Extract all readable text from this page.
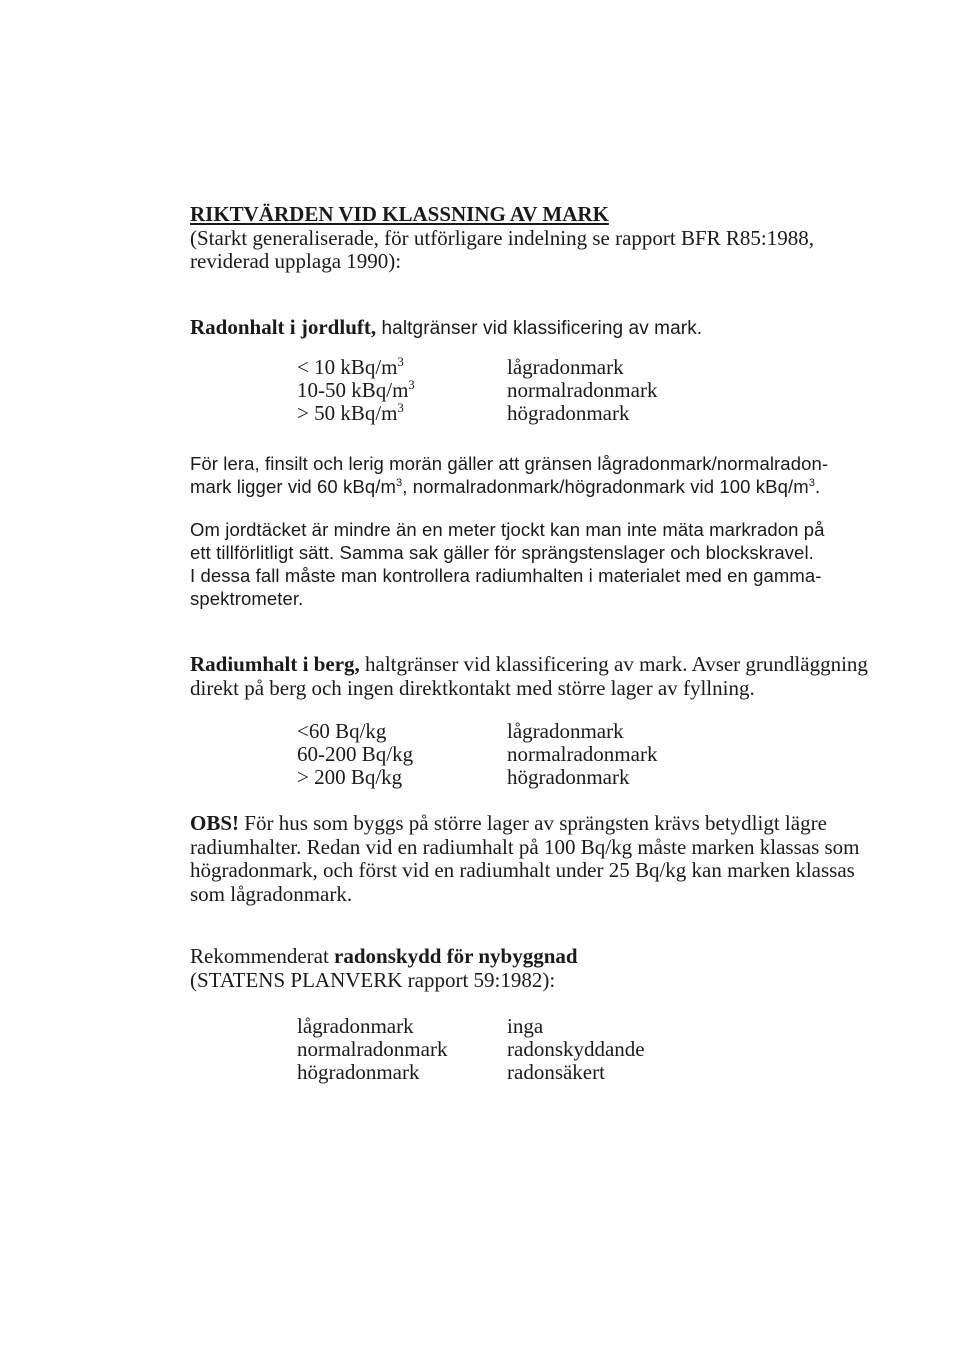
RIKTVÄRDEN VID KLASSNING AV MARK
(Starkt generaliserade, för utförligare indelning se rapport BFR R85:1988,
reviderad upplaga 1990):
Radonhalt i jordluft, haltgränser vid klassificering av mark.
< 10 kBq/$m^3$	lågradonmark
10-50 kBq/$m^3$	normalradonmark
> 50 kBq/$m^3$	högradonmark
För lera, finsilt och lerig morän gäller att gränsen lågradonmark/normalradon-
mark ligger vid 60 kBq/$m^3$, normalradonmark/högradonmark vid 100 kBq/$m^3$.
Om jordtäcket är mindre än en meter tjockt kan man inte mäta markradon på
ett tillförlitligt sätt. Samma sak gäller för sprängstenslager och blockskravel.
I dessa fall måste man kontrollera radiumhalten i materialet med en gamma-
spektrometer.
Radiumhalt i berg, haltgränser vid klassificering av mark. Avser grundläggning
direkt på berg och ingen direktkontakt med större lager av fyllning.
<60 Bq/kg	lågradonmark
60-200 Bq/kg	normalradonmark
> 200 Bq/kg	högradonmark
OBS! För hus som byggs på större lager av sprängsten krävs betydligt lägre
radiumhalter. Redan vid en radiumhalt på 100 Bq/kg måste marken klassas som
högradonmark, och först vid en radiumhalt under 25 Bq/kg kan marken klassas
som lågradonmark.
Rekommenderat radonskydd för nybyggnad
(STATENS PLANVERK rapport 59:1982):
lågradonmark	inga
normalradonmark	radonskyddande
högradonmark	radonsäkert
